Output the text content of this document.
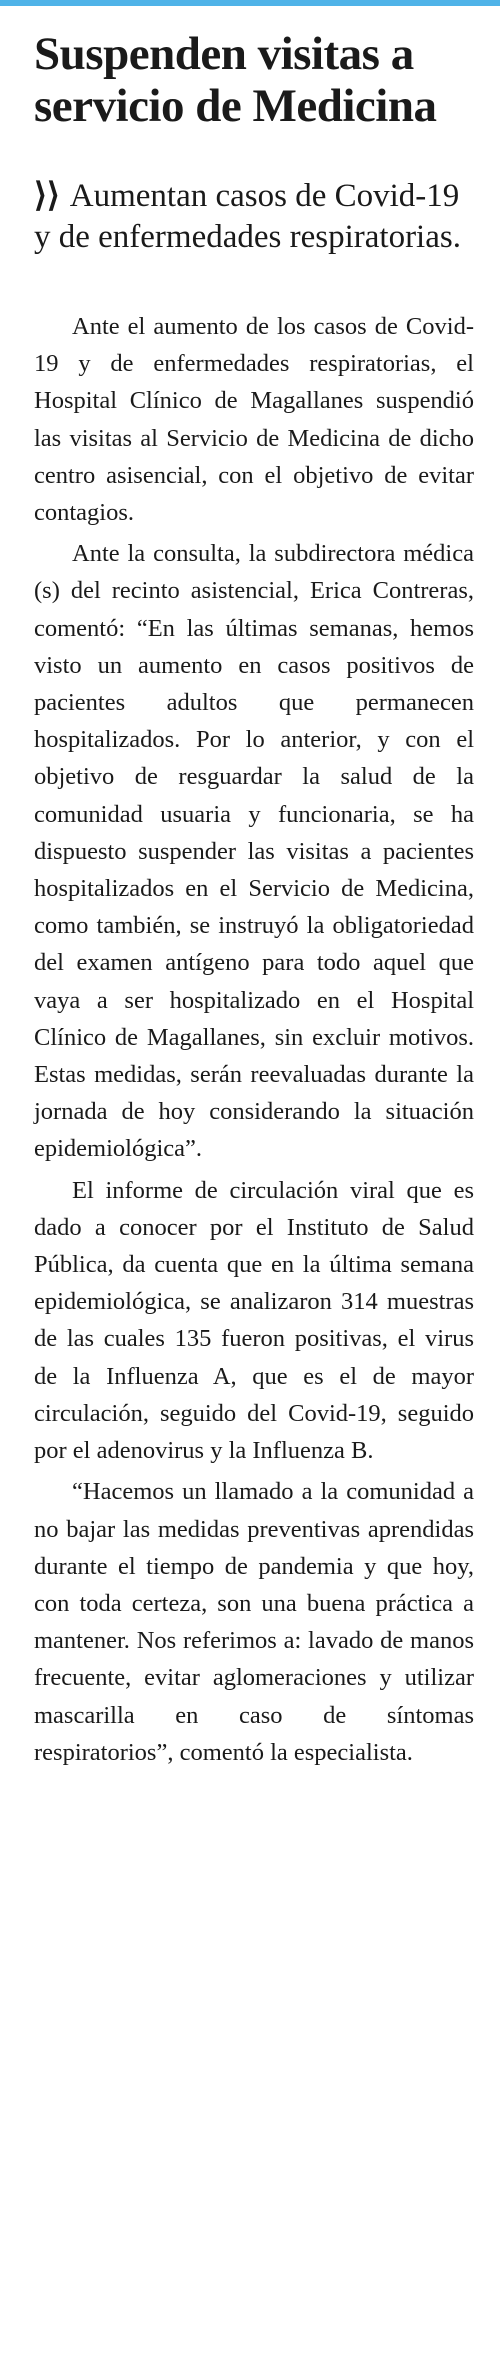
Suspenden visitas a servicio de Medicina
⟩⟩ Aumentan casos de Covid-19 y de enfermedades respiratorias.

Ante el aumento de los casos de Covid-19 y de enfermedades respiratorias, el Hospital Clínico de Magallanes suspendió las visitas al Servicio de Medicina de dicho centro asisencial, con el objetivo de evitar contagios.

Ante la consulta, la subdirectora médica (s) del recinto asistencial, Erica Contreras, comentó: “En las últimas semanas, hemos visto un aumento en casos positivos de pacientes adultos que permanecen hospitalizados. Por lo anterior, y con el objetivo de resguardar la salud de la comunidad usuaria y funcionaria, se ha dispuesto suspender las visitas a pacientes hospitalizados en el Servicio de Medicina, como también, se instruyó la obligatoriedad del examen antígeno para todo aquel que vaya a ser hospitalizado en el Hospital Clínico de Magallanes, sin excluir motivos. Estas medidas, serán reevaluadas durante la jornada de hoy considerando la situación epidemiológica”.

El informe de circulación viral que es dado a conocer por el Instituto de Salud Pública, da cuenta que en la última semana epidemiológica, se analizaron 314 muestras de las cuales 135 fueron positivas, el virus de la Influenza A, que es el de mayor circulación, seguido del Covid-19, seguido por el adenovirus y la Influenza B.

“Hacemos un llamado a la comunidad a no bajar las medidas preventivas aprendidas durante el tiempo de pandemia y que hoy, con toda certeza, son una buena práctica a mantener. Nos referimos a: lavado de manos frecuente, evitar aglomeraciones y utilizar mascarilla en caso de síntomas respiratorios”, comentó la especialista.
